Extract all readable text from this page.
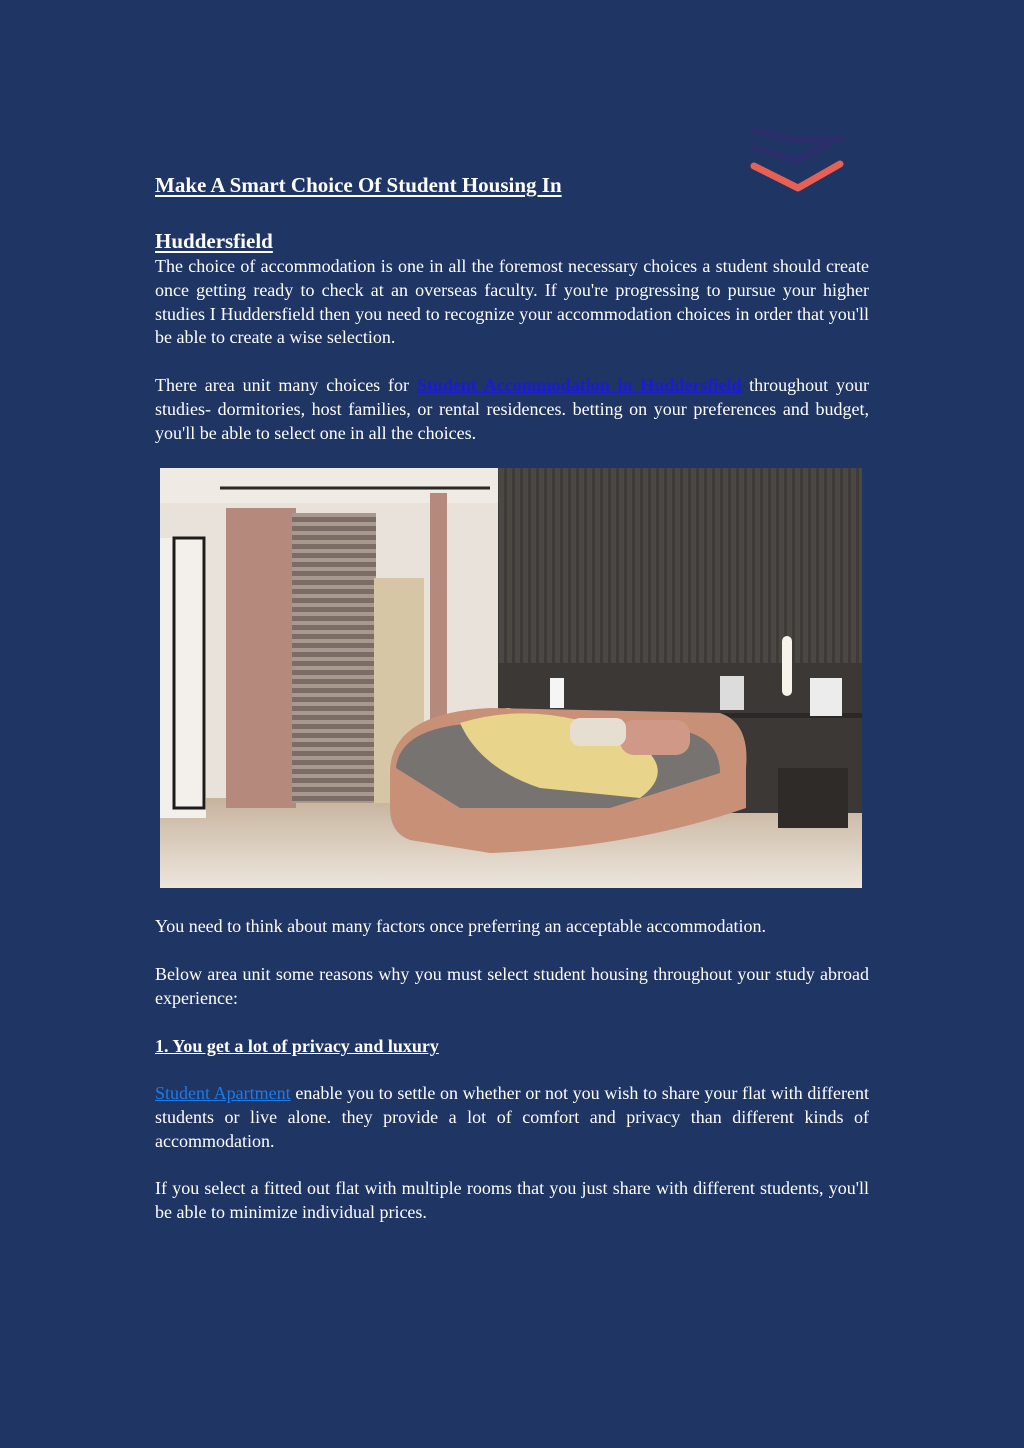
Make A Smart Choice Of Student Housing In
Huddersfield

The choice of accommodation is one in all the foremost necessary choices a student should create once getting ready to check at an overseas faculty. If you're progressing to pursue your higher studies I Huddersfield then you need to recognize your accommodation choices in order that you'll be able to create a wise selection.

There area unit many choices for Student Accommodation in Huddersfield throughout your studies- dormitories, host families, or rental residences. betting on your preferences and budget, you'll be able to select one in all the choices.

You need to think about many factors once preferring an acceptable accommodation.

Below area unit some reasons why you must select student housing throughout your study abroad experience:

1. You get a lot of privacy and luxury

Student Apartment enable you to settle on whether or not you wish to share your flat with different students or live alone. they provide a lot of comfort and privacy than different kinds of accommodation.

If you select a fitted out flat with multiple rooms that you just share with different students, you'll be able to minimize individual prices.
